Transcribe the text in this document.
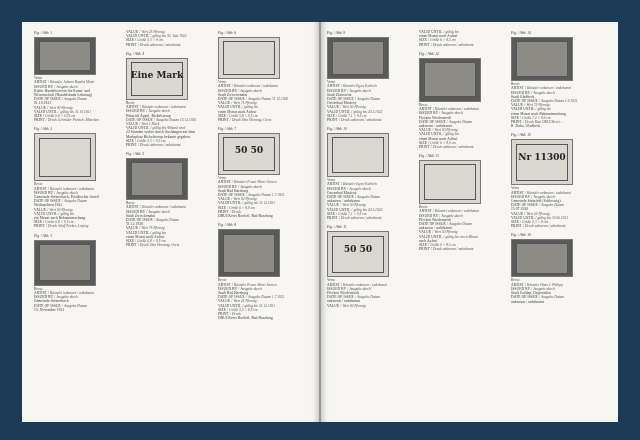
Fig. / Abb. 1
Verso
ARTIST / Künstler Johann Baptist Maier
ISSUED BY / Ausgabe durch
Kieler Handelsverein für Kunst- und
Wissenschaft (Handelsbank Lehnung)
DATE OF ISSUE / Ausgabe Datum
01.10.1921
VALUE / Wert 90 Pfennig
VALID UNTIL / gültig bis 31.10.1921
SIZE / Größe 6,8 × 10,5 cm
PRINT / Druck Gebrüder Partsch, München
Fig. / Abb. 2
Recto
ARTIST / Künstler unknown / unbekannt
ISSUED BY / Ausgabe durch
Gemeinde Steinerbach, Preußischer Anteil
DATE OF ISSUE / Ausgabe Datum
Weihnachten 1921
VALUE / Wert 50 Pfennig
VALID UNTIL / gültig bis
ein Monat nach Bekanntmachung
SIZE / Größe 6,8 × 9,5 cm
PRINT / Druck Adolf Forker, Leipzig
Fig. / Abb. 3
Recto
ARTIST / Künstler unknown / unbekannt
ISSUED BY / Ausgabe durch
Gemeinde Steinerbach
DATE OF ISSUE / Ausgabe Datum
15. November 1921
VALUE / Wert 25 Pfennig
VALID UNTIL / gültig bis 30. Juni 1922
SIZE / Größe 5,3 × 9 cm
PRINT / Druck unknown / unbekannt
Fig. / Abb. 4
Eine Mark
Recto
ARTIST / Künstler unknown / unbekannt
ISSUED BY / Ausgabe durch
Heinrich Appel, Bickelsterup
DATE OF ISSUE / Ausgabe Datum 15.12.1920
VALUE / Wert 1 Mark
VALID UNTIL / gültig bis Abhand wird
24 Stunden vorher durch Aushängen auf dem
Marktplatz Bickelsterup bekannt gegeben.
SIZE / Größe 5,3 × 9,5 cm
PRINT / Druck unknown / unbekannt
Fig. / Abb. 5
Recto
ARTIST / Künstler unknown / unbekannt
ISSUED BY / Ausgabe durch
Stadt Zwischenahn
DATE OF ISSUE / Ausgabe Datum
31.12.1920
VALUE / Wert 75 Pfennig
VALID UNTIL / gültig bis
einen Monat nach Aufruf
SIZE / Größe 6,8 × 9,5 cm
PRINT / Druck Otto Henning, Greiz
Fig. / Abb. 6
Verso
ARTIST / Künstler unknown / unbekannt
ISSUED BY / Ausgabe durch
Stadt Zwischenahn
DATE OF ISSUE / Ausgabe Datum 31.12.1920
VALUE / Wert 75 Pfennig
VALID UNTIL / gültig bis
einen Monat nach Aufruf
SIZE / Größe 5,8 × 9,5 cm
PRINT / Druck Otto Henning, Greiz
Fig. / Abb. 7
50 50
Verso
ARTIST / Künstler Franz Albert Jürnen
ISSUED BY / Ausgabe durch
Stadt Bad Harzburg
DATE OF ISSUE / Ausgabe Datum 1.7.1921
VALUE / Wert 50 Pfennig
VALID UNTIL / gültig bis 31.12.1921
SIZE / Größe 6 × 8,9 cm
PRINT / Druck
DRUCKerei Roeloff, Bad Harzburg
Fig. / Abb. 8
Recto
ARTIST / Künstler Franz Albert Jürnen
ISSUED BY / Ausgabe durch
Stadt Bad Harzburg
DATE OF ISSUE / Ausgabe Datum 1.7.1921
VALUE / Wert 25 Pfennig
VALID UNTIL / gültig bis 31.12.1921
SIZE / Größe 5,5 × 8,5 cm
PRINT / Druck
DRUCKerei Roeloff, Bad Harzburg
Fig. / Abb. 9
Verso
ARTIST / Künstler Egon Tschirch
ISSUED BY / Ausgabe durch
Stadt Zinnowitz
DATE OF ISSUE / Ausgabe Datum
Ostseebad Misdroy
VALUE / Wert 50 Pfennig
VALID UNTIL / gültig bis 20.2.1922
SIZE / Größe 7,1 × 9,5 cm
PRINT / Druck unknown / unbekannt
Fig. / Abb. 10
Verso
ARTIST / Künstler Egon Tschirch
ISSUED BY / Ausgabe durch
Ostseebad Misdroy
DATE OF ISSUE / Ausgabe Datum
unknown / unbekannt
VALUE / Wert 50 Pfennig
VALID UNTIL / gültig bis 20.2.1922
SIZE / Größe 7,1 × 9,5 cm
PRINT / Druck unknown / unbekannt
Fig. / Abb. 11
50 50
Verso
ARTIST / Künstler unknown / unbekannt
ISSUED BY / Ausgabe durch
Flecken Wiedenstedt
DATE OF ISSUE / Ausgabe Datum
unknown / unbekannt
VALUE / Wert 50 Pfennig
VALID UNTIL / gültig bis
einen Monat nach Aufruf
SIZE / Größe 6 × 8,5 cm
PRINT / Druck unknown / unbekannt
Fig. / Abb. 12
Recto
ARTIST / Künstler unknown / unbekannt
ISSUED BY / Ausgabe durch
Flecken Wiedenstedt
DATE OF ISSUE / Ausgabe Datum
unknown / unbekannt
VALUE / Wert 50 Pfennig
VALID UNTIL / gültig bis
einen Monat nach Aufruf
SIZE / Größe 6 × 8,5 cm
PRINT / Druck unknown / unbekannt
Fig. / Abb. 13
Recto
ARTIST / Künstler unknown / unbekannt
ISSUED BY / Ausgabe durch
Flecken Wiedenstedt
DATE OF ISSUE / Ausgabe Datum
unknown / unbekannt
VALUE / Wert 50 Pfennig
VALID UNTIL / gültig bis einen Monat
nach Aufruf
SIZE / Größe 6 × 8,5 cm
PRINT / Druck unknown / unbekannt
Fig. / Abb. 14
Recto
ARTIST / Künstler unknown / unbekannt
ISSUED BY / Ausgabe durch
Stadt Gladbeck
DATE OF ISSUE / Ausgabe Datum 1.9.1921
VALUE / Wert 75 Pfennig
VALID UNTIL / gültig bis
einen Monat nach Bekanntmachung
SIZE / Größe 7,2 × 9,6 cm
PRINT / Druck Rüst DRUCKerei –
R. Dabo, Gladbeck
Fig. / Abb. 15
Nr 11300
Verso
ARTIST / Künstler unknown / unbekannt
ISSUED BY / Ausgabe durch
Gemeinde Steinfeld (Schleswig)
DATE OF ISSUE / Ausgabe Datum
15.07.1920
VALUE / Wert 25 Pfennig
VALID UNTIL / gültig bis 30.06.1921
SIZE / Größe 6,3 × 9 cm
PRINT / Druck unknown / unbekannt
Fig. / Abb. 16
Recto
ARTIST / Künstler Hans J. Philipp
ISSUED BY / Ausgabe durch
Stadt Goldap, Ostpreußen
DATE OF ISSUE / Ausgabe Datum
unknown / unbekannt
